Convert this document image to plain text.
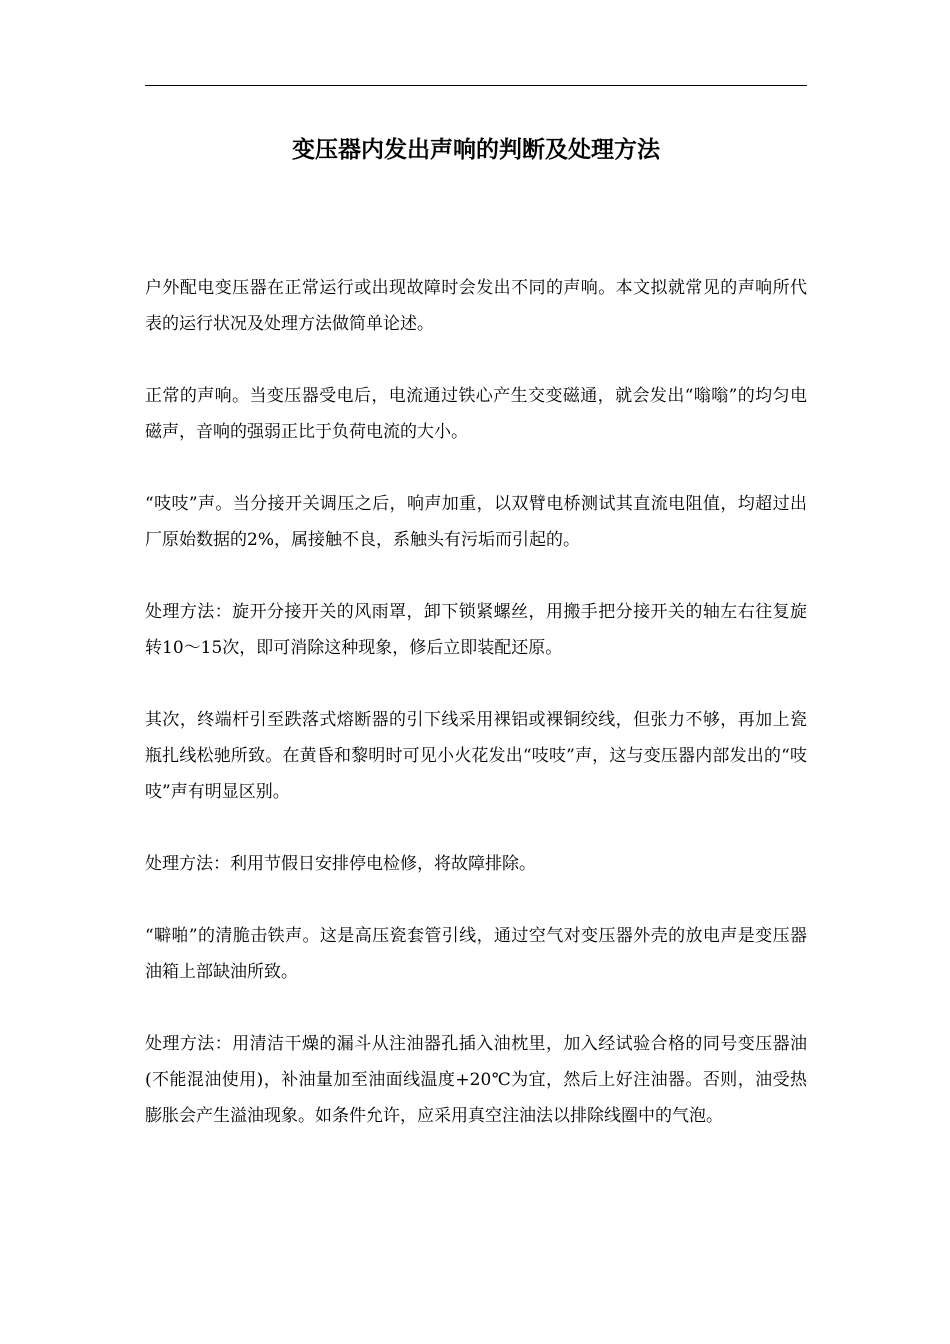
变压器内发出声响的判断及处理方法

户外配电变压器在正常运行或出现故障时会发出不同的声响。本文拟就常见的声响所代表的运行状况及处理方法做简单论述。

正常的声响。当变压器受电后，电流通过铁心产生交变磁通，就会发出“嗡嗡”的均匀电磁声，音响的强弱正比于负荷电流的大小。

“吱吱”声。当分接开关调压之后，响声加重，以双臂电桥测试其直流电阻值，均超过出厂原始数据的2%，属接触不良，系触头有污垢而引起的。

处理方法：旋开分接开关的风雨罩，卸下锁紧螺丝，用搬手把分接开关的轴左右往复旋转10～15次，即可消除这种现象，修后立即装配还原。

其次，终端杆引至跌落式熔断器的引下线采用裸铝或裸铜绞线，但张力不够，再加上瓷瓶扎线松驰所致。在黄昏和黎明时可见小火花发出“吱吱”声，这与变压器内部发出的“吱吱”声有明显区别。

处理方法：利用节假日安排停电检修，将故障排除。

“噼啪”的清脆击铁声。这是高压瓷套管引线，通过空气对变压器外壳的放电声是变压器油箱上部缺油所致。

处理方法：用清洁干燥的漏斗从注油器孔插入油枕里，加入经试验合格的同号变压器油(不能混油使用)，补油量加至油面线温度+20℃为宜，然后上好注油器。否则，油受热膨胀会产生溢油现象。如条件允许，应采用真空注油法以排除线圈中的气泡。
